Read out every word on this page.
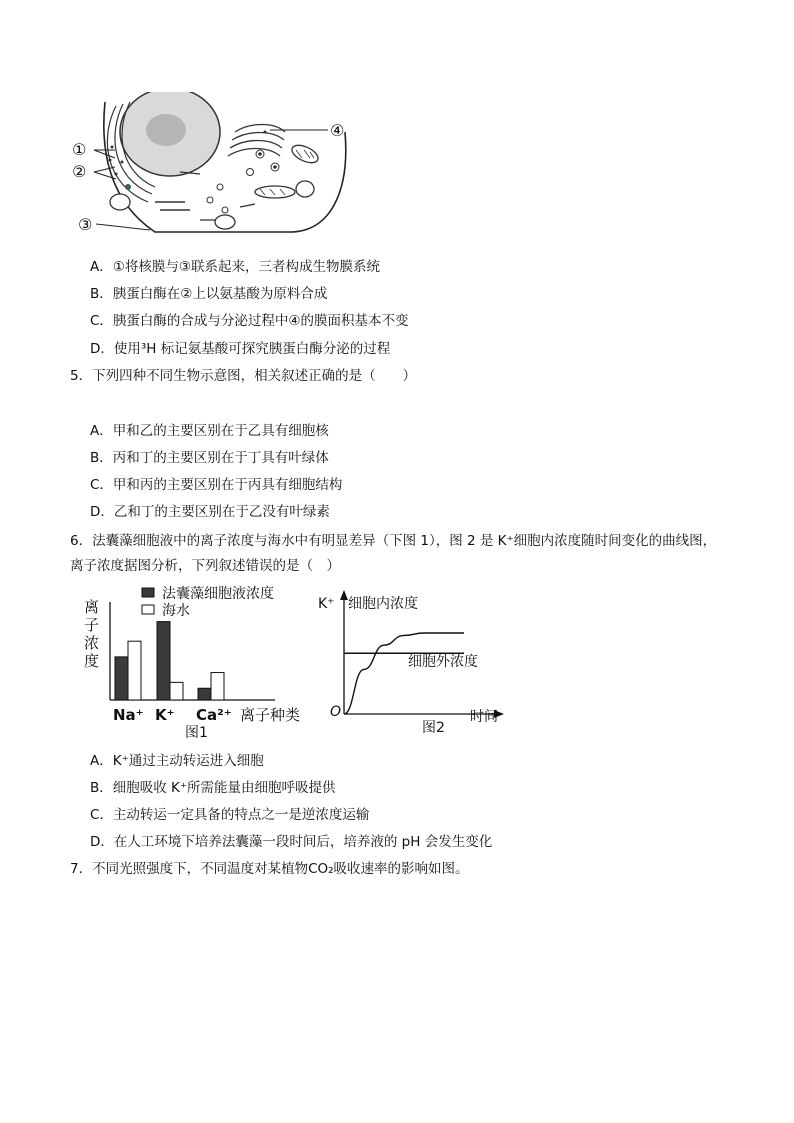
①
②
③
④
A．①将核膜与③联系起来，三者构成生物膜系统
B．胰蛋白酶在②上以氨基酸为原料合成
C．胰蛋白酶的合成与分泌过程中④的膜面积基本不变
D．使用³H 标记氨基酸可探究胰蛋白酶分泌的过程
5．下列四种不同生物示意图，相关叙述正确的是（　　）
A．甲和乙的主要区别在于乙具有细胞核
B．丙和丁的主要区别在于丁具有叶绿体
C．甲和丙的主要区别在于丙具有细胞结构
D．乙和丁的主要区别在于乙没有叶绿素
6．法囊藻细胞液中的离子浓度与海水中有明显差异（下图 1），图 2 是 K⁺细胞内浓度随时间变化的曲线图，
离子浓度据图分析，下列叙述错误的是（　）
法囊藻细胞液浓度
海水
离子浓度
Na⁺ K⁺ Ca²⁺ 离子种类
图1
K⁺ 细胞内浓度
细胞外浓度
O
图2
时间
A．K⁺通过主动转运进入细胞
B．细胞吸收 K⁺所需能量由细胞呼吸提供
C．主动转运一定具备的特点之一是逆浓度运输
D．在人工环境下培养法囊藻一段时间后，培养液的 pH 会发生变化
7．不同光照强度下，不同温度对某植物CO₂吸收速率的影响如图。
